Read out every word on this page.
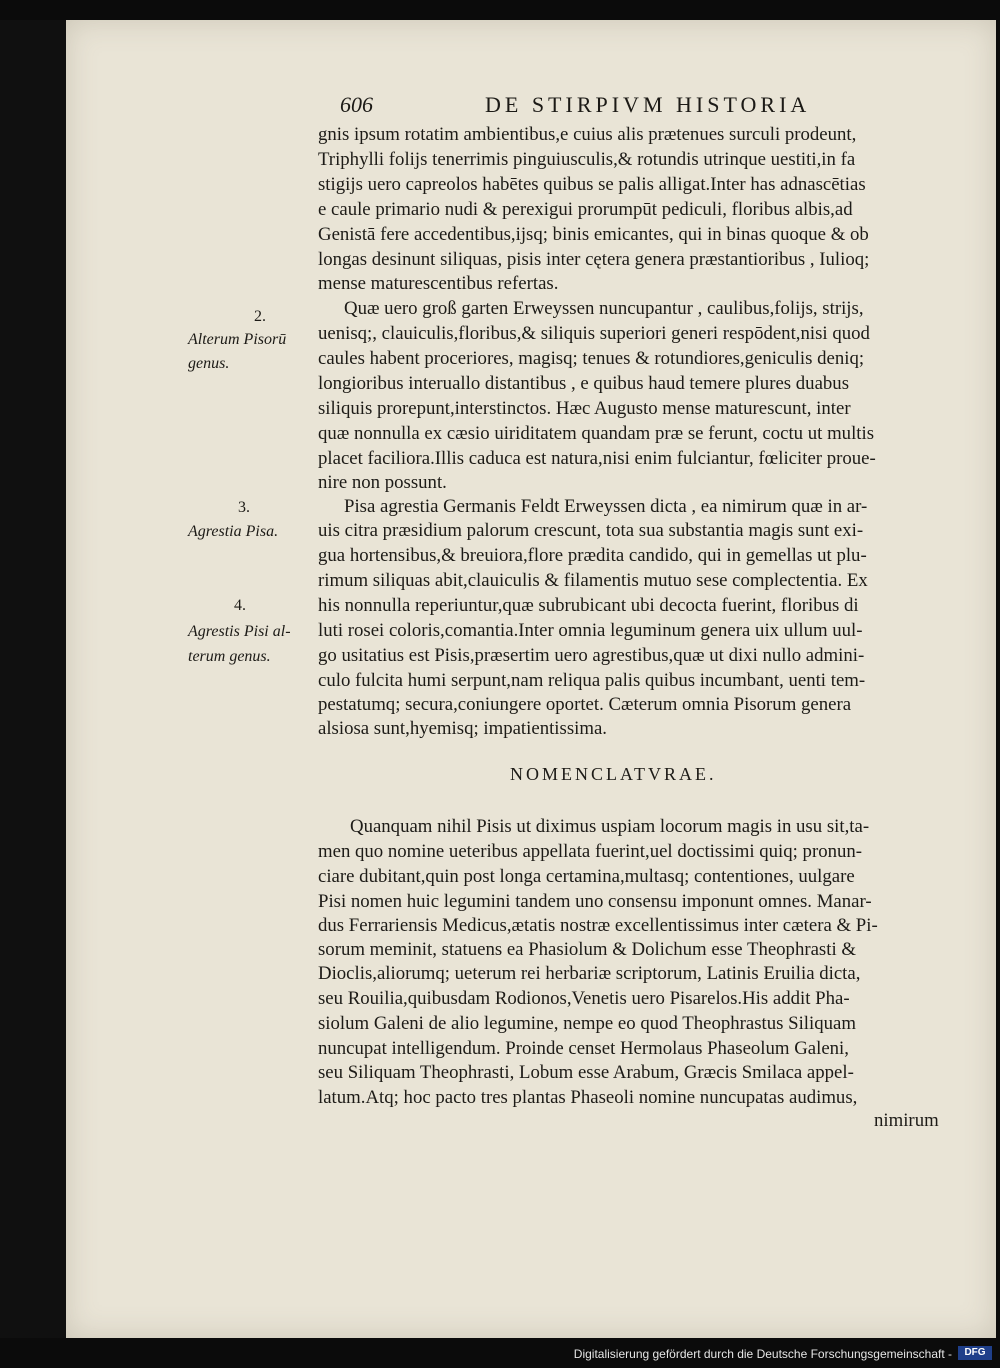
606	DE STIRPIVM HISTORIA
gnis ipsum rotatim ambientibus,e cuius alis prætenues surculi prodeunt,
Triphylli folijs tenerrimis pinguiusculis,& rotundis utrinque uestiti,in fa
stigijs uero capreolos habētes quibus se palis alligat.Inter has adnascētias
e caule primario nudi & perexigui prorumpūt pediculi, floribus albis,ad
Genistā fere accedentibus,ijsq; binis emicantes, qui in binas quoque & ob
longas desinunt siliquas, pisis inter cętera genera præstantioribus , Iulioq;
mense maturescentibus refertas.
Quæ uero groß garten Erweyssen nuncupantur , caulibus,folijs, strijs,
uenisq;, clauiculis,floribus,& siliquis superiori generi respōdent,nisi quod
caules habent proceriores, magisq; tenues & rotundiores,geniculis deniq;
longioribus interuallo distantibus , e quibus haud temere plures duabus
siliquis prorepunt,interstinctos. Hæc Augusto mense maturescunt, inter
quæ nonnulla ex cæsio uiriditatem quandam præ se ferunt, coctu ut multis
placet faciliora.Illis caduca est natura,nisi enim fulciantur, fœliciter proue-
nire non possunt.
Pisa agrestia Germanis Feldt Erweyssen dicta , ea nimirum quæ in ar-
uis citra præsidium palorum crescunt, tota sua substantia magis sunt exi-
gua hortensibus,& breuiora,flore prædita candido, qui in gemellas ut plu-
rimum siliquas abit,clauiculis & filamentis mutuo sese complectentia. Ex
his nonnulla reperiuntur,quæ subrubicant ubi decocta fuerint, floribus di
luti rosei coloris,comantia.Inter omnia leguminum genera uix ullum uul-
go usitatius est Pisis,præsertim uero agrestibus,quæ ut dixi nullo admini-
culo fulcita humi serpunt,nam reliqua palis quibus incumbant, uenti tem-
pestatumq; secura,coniungere oportet. Cæterum omnia Pisorum genera
alsiosa sunt,hyemisq; impatientissima.
2.
Alterum Pisorū
genus.
3.
Agrestia Pisa.
4.
Agrestis Pisi al-
terum genus.
NOMENCLATVRAE.
Quanquam nihil Pisis ut diximus uspiam locorum magis in usu sit,ta-
men quo nomine ueteribus appellata fuerint,uel doctissimi quiq; pronun-
ciare dubitant,quin post longa certamina,multasq; contentiones, uulgare
Pisi nomen huic legumini tandem uno consensu imponunt omnes. Manar-
dus Ferrariensis Medicus,ætatis nostræ excellentissimus inter cætera & Pi-
sorum meminit, statuens ea Phasiolum & Dolichum esse Theophrasti &
Dioclis,aliorumq; ueterum rei herbariæ scriptorum, Latinis Eruilia dicta,
seu Rouilia,quibusdam Rodionos,Venetis uero Pisarelos.His addit Pha-
siolum Galeni de alio legumine, nempe eo quod Theophrastus Siliquam
nuncupat intelligendum. Proinde censet Hermolaus Phaseolum Galeni,
seu Siliquam Theophrasti, Lobum esse Arabum, Græcis Smilaca appel-
latum.Atq; hoc pacto tres plantas Phaseoli nomine nuncupatas audimus,
nimirum
Digitalisierung gefördert durch die Deutsche Forschungsgemeinschaft -	DFG
